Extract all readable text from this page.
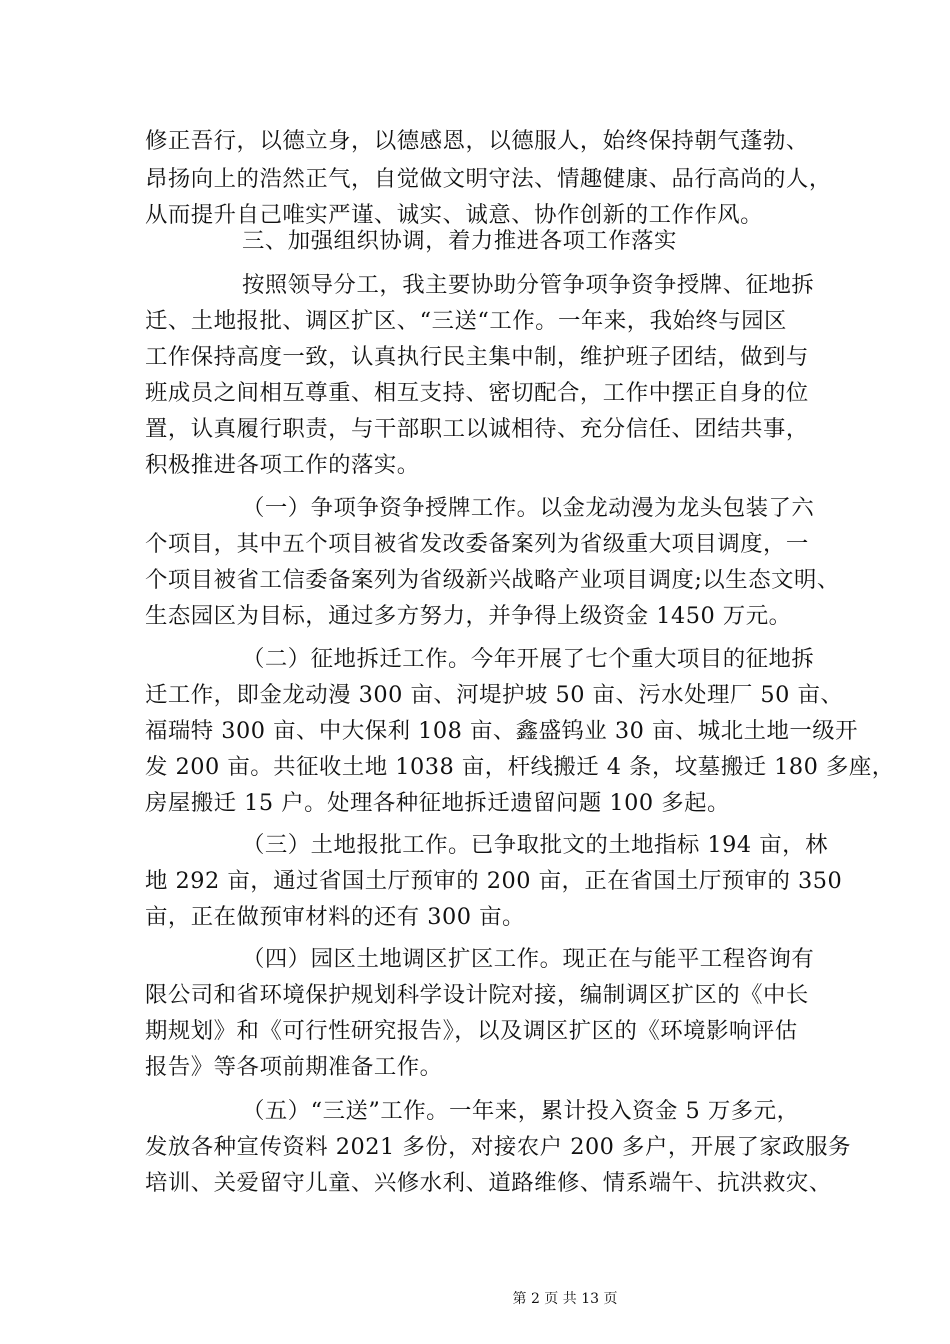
修正吾行，以德立身，以德感恩，以德服人，始终保持朝气蓬勃、
昂扬向上的浩然正气，自觉做文明守法、情趣健康、品行高尚的人，
从而提升自己唯实严谨、诚实、诚意、协作创新的工作作风。
三、加强组织协调，着力推进各项工作落实
按照领导分工，我主要协助分管争项争资争授牌、征地拆
迁、土地报批、调区扩区、“三送“工作。一年来，我始终与园区
工作保持高度一致，认真执行民主集中制，维护班子团结，做到与
班成员之间相互尊重、相互支持、密切配合，工作中摆正自身的位
置，认真履行职责，与干部职工以诚相待、充分信任、团结共事，
积极推进各项工作的落实。
（一）争项争资争授牌工作。以金龙动漫为龙头包装了六
个项目，其中五个项目被省发改委备案列为省级重大项目调度，一
个项目被省工信委备案列为省级新兴战略产业项目调度;以生态文明、
生态园区为目标，通过多方努力，并争得上级资金 1450 万元。
（二）征地拆迁工作。今年开展了七个重大项目的征地拆
迁工作，即金龙动漫 300 亩、河堤护坡 50 亩、污水处理厂 50 亩、
福瑞特 300 亩、中大保利 108 亩、鑫盛钨业 30 亩、城北土地一级开
发 200 亩。共征收土地 1038 亩，杆线搬迁 4 条，坟墓搬迁 180 多座，
房屋搬迁 15 户。处理各种征地拆迁遗留问题 100 多起。
（三）土地报批工作。已争取批文的土地指标 194 亩，林
地 292 亩，通过省国土厅预审的 200 亩，正在省国土厅预审的 350
亩，正在做预审材料的还有 300 亩。
（四）园区土地调区扩区工作。现正在与能平工程咨询有
限公司和省环境保护规划科学设计院对接，编制调区扩区的《中长
期规划》和《可行性研究报告》，以及调区扩区的《环境影响评估
报告》等各项前期准备工作。
（五）“三送”工作。一年来，累计投入资金 5 万多元，
发放各种宣传资料 2021 多份，对接农户 200 多户，开展了家政服务
培训、关爱留守儿童、兴修水利、道路维修、情系端午、抗洪救灾、
第 2 页 共 13 页
